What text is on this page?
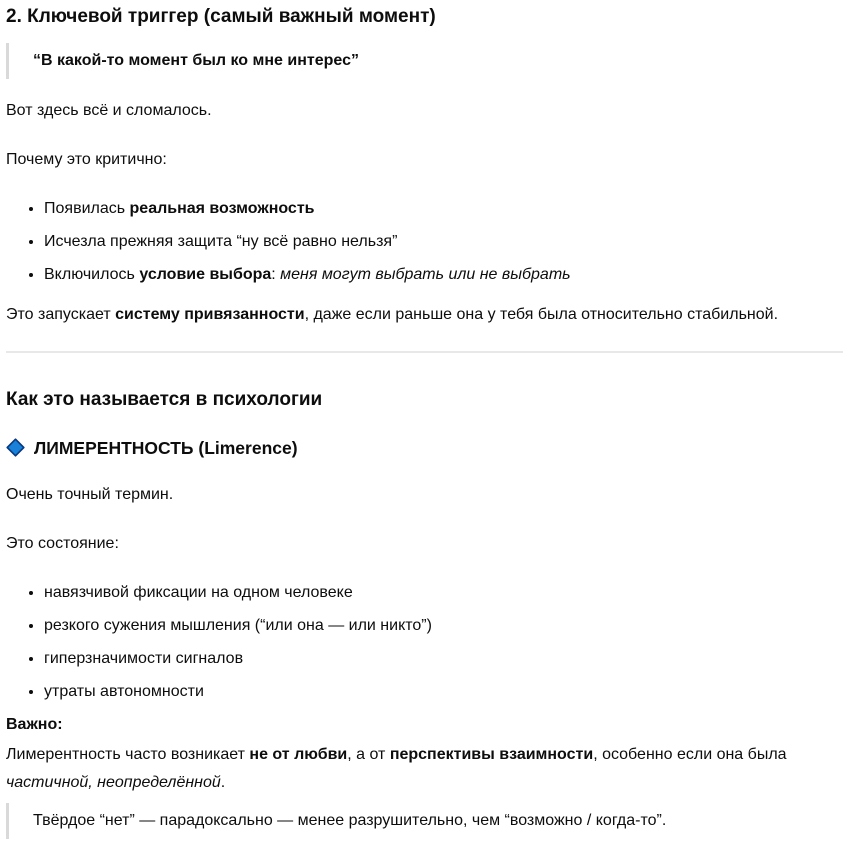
2. Ключевой триггер (самый важный момент)

“В какой-то момент был ко мне интерес”

Вот здесь всё и сломалось.

Почему это критично:

• Появилась реальная возможность
• Исчезла прежняя защита “ну всё равно нельзя”
• Включилось условие выбора: меня могут выбрать или не выбрать

Это запускает систему привязанности, даже если раньше она у тебя была относительно стабильной.

Как это называется в психологии
ЛИМЕРЕНТНОСТЬ (Limerence)

Очень точный термин.

Это состояние:

• навязчивой фиксации на одном человеке
• резкого сужения мышления (“или она — или никто”)
• гиперзначимости сигналов
• утраты автономности

Важно:

Лимерентность часто возникает не от любви, а от перспективы взаимности, особенно если она была частичной, неопределённой.

Твёрдое “нет” — парадоксально — менее разрушительно, чем “возможно / когда-то”.
